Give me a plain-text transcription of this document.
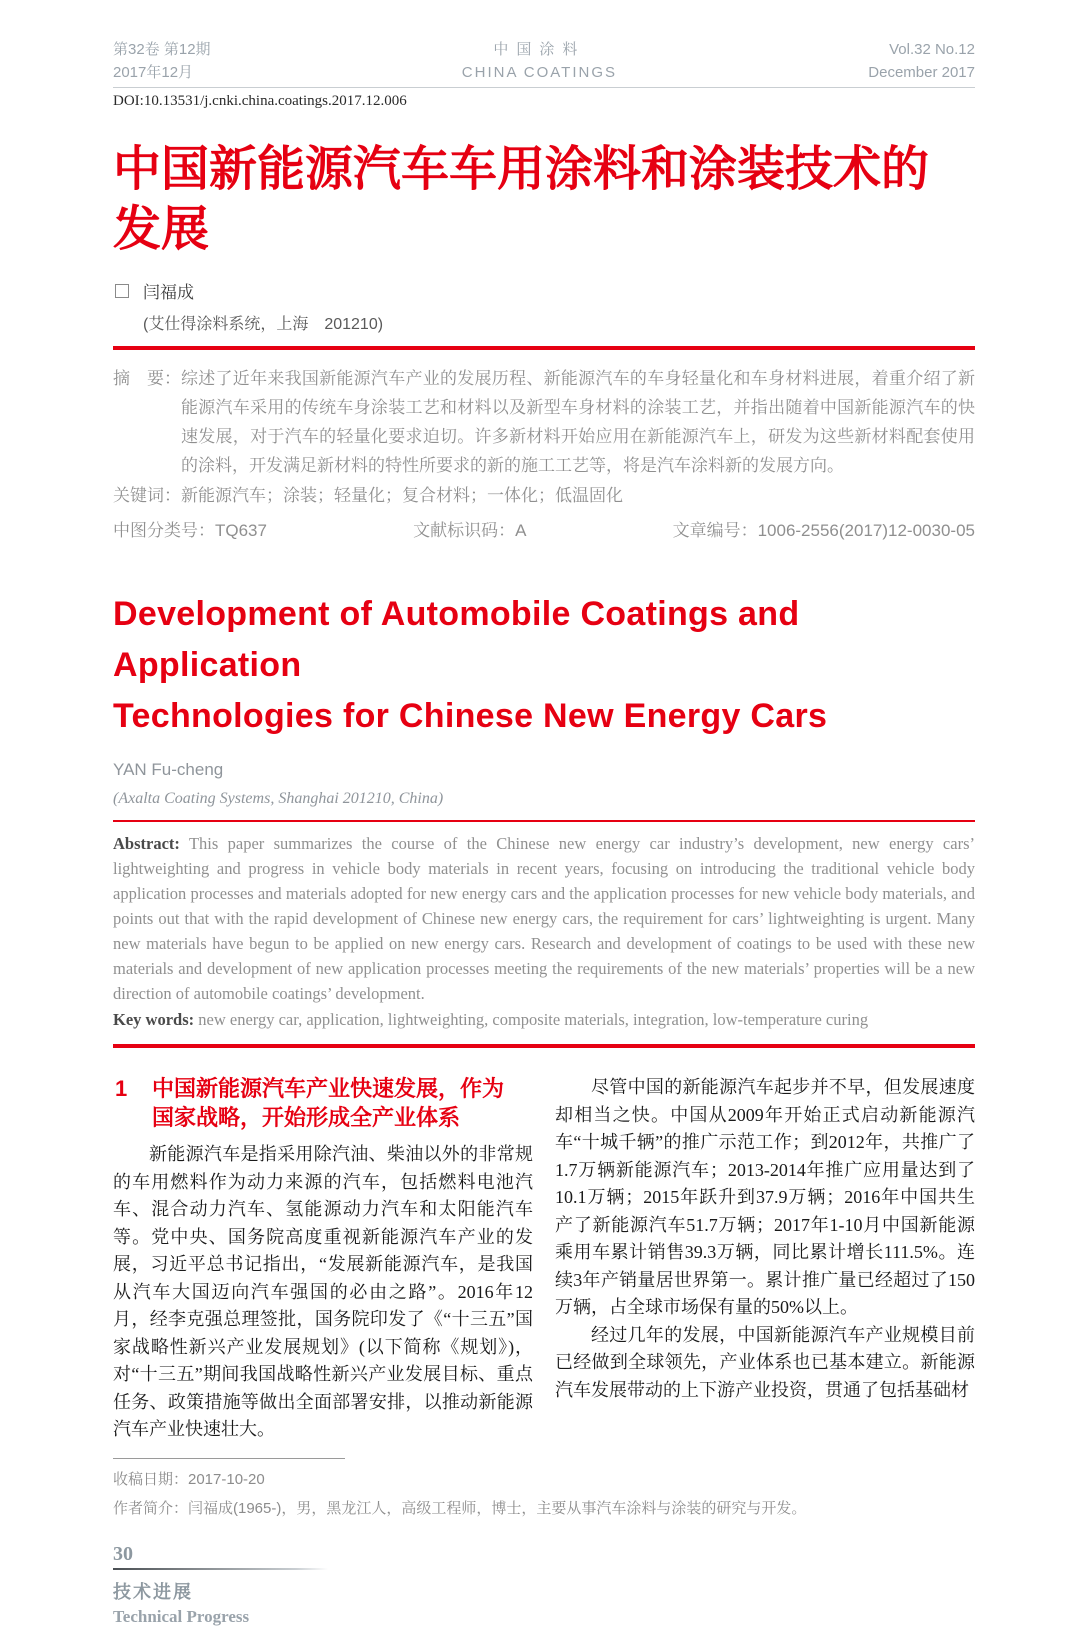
第32卷 第12期
2017年12月
中国涂料
CHINA COATINGS
Vol.32 No.12
December 2017
DOI:10.13531/j.cnki.china.coatings.2017.12.006
中国新能源汽车车用涂料和涂装技术的发展
闫福成
(艾仕得涂料系统，上海　201210)
摘　要： 综述了近年来我国新能源汽车产业的发展历程、新能源汽车的车身轻量化和车身材料进展，着重介绍了新能源汽车采用的传统车身涂装工艺和材料以及新型车身材料的涂装工艺，并指出随着中国新能源汽车的快速发展，对于汽车的轻量化要求迫切。许多新材料开始应用在新能源汽车上，研发为这些新材料配套使用的涂料，开发满足新材料的特性所要求的新的施工工艺等，将是汽车涂料新的发展方向。
关键词：新能源汽车；涂装；轻量化；复合材料；一体化；低温固化
中图分类号：TQ637	文献标识码：A	文章编号：1006-2556(2017)12-0030-05
Development of Automobile Coatings and Application
Technologies for Chinese New Energy Cars
YAN Fu-cheng
(Axalta Coating Systems, Shanghai 201210, China)

Abstract: This paper summarizes the course of the Chinese new energy car industry’s development, new energy cars’ lightweighting and progress in vehicle body materials in recent years, focusing on introducing the traditional vehicle body application processes and materials adopted for new energy cars and the application processes for new vehicle body materials, and points out that with the rapid development of Chinese new energy cars, the requirement for cars’ lightweighting is urgent. Many new materials have begun to be applied on new energy cars. Research and development of coatings to be used with these new materials and development of new application processes meeting the requirements of the new materials’ properties will be a new direction of automobile coatings’ development.

Key words: new energy car, application, lightweighting, composite materials, integration, low-temperature curing

1 中国新能源汽车产业快速发展，作为国家战略，开始形成全产业体系

新能源汽车是指采用除汽油、柴油以外的非常规的车用燃料作为动力来源的汽车，包括燃料电池汽车、混合动力汽车、氢能源动力汽车和太阳能汽车等。党中央、国务院高度重视新能源汽车产业的发展，习近平总书记指出，“发展新能源汽车，是我国从汽车大国迈向汽车强国的必由之路”。2016年12月，经李克强总理签批，国务院印发了《“十三五”国家战略性新兴产业发展规划》(以下简称《规划》)，对“十三五”期间我国战略性新兴产业发展目标、重点任务、政策措施等做出全面部署安排，以推动新能源汽车产业快速壮大。

尽管中国的新能源汽车起步并不早，但发展速度却相当之快。中国从2009年开始正式启动新能源汽车“十城千辆”的推广示范工作；到2012年，共推广了1.7万辆新能源汽车；2013-2014年推广应用量达到了10.1万辆；2015年跃升到37.9万辆；2016年中国共生产了新能源汽车51.7万辆；2017年1-10月中国新能源乘用车累计销售39.3万辆，同比累计增长111.5%。连续3年产销量居世界第一。累计推广量已经超过了150万辆，占全球市场保有量的50%以上。

经过几年的发展，中国新能源汽车产业规模目前已经做到全球领先，产业体系也已基本建立。新能源汽车发展带动的上下游产业投资，贯通了包括基础材

收稿日期：2017-10-20
作者简介：闫福成(1965-)，男，黑龙江人，高级工程师，博士，主要从事汽车涂料与涂装的研究与开发。
30
技术进展
Technical Progress
